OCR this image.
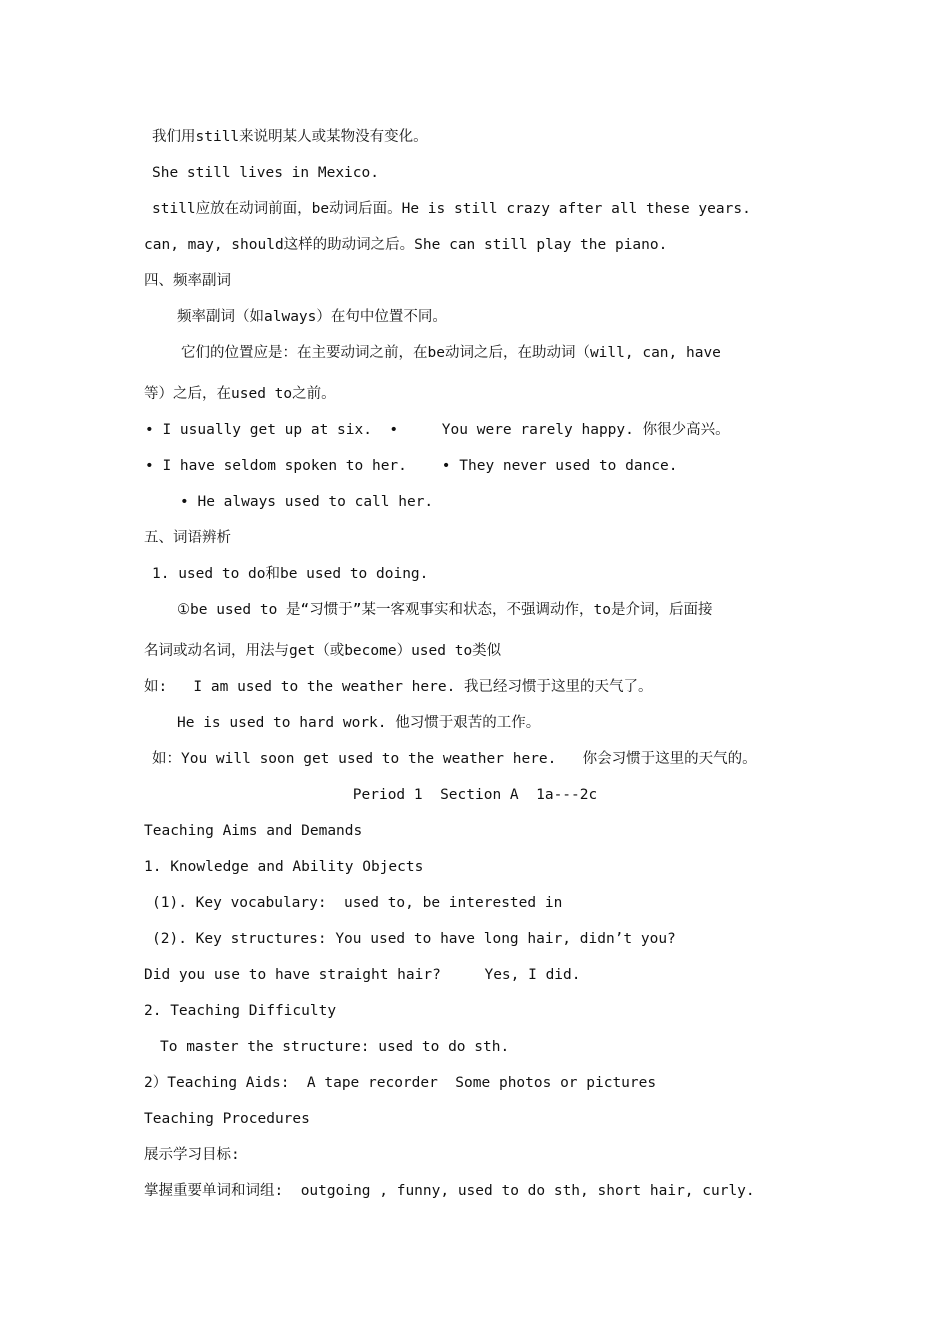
我们用still来说明某人或某物没有变化。
She still lives in Mexico.
still应放在动词前面，be动词后面。He is still crazy after all these years.
can, may, should这样的助动词之后。She can still play the piano.
四、频率副词
频率副词（如always）在句中位置不同。
它们的位置应是：在主要动词之前，在be动词之后，在助动词（will, can, have
等）之后，在used to之前。
• I usually get up at six.  •     You were rarely happy. 你很少高兴。
• I have seldom spoken to her.    • They never used to dance.
• He always used to call her.
五、词语辨析
1. used to do和be used to doing.
①be used to 是“习惯于”某一客观事实和状态，不强调动作，to是介词，后面接
名词或动名词，用法与get（或become）used to类似
如:   I am used to the weather here. 我已经习惯于这里的天气了。
He is used to hard work. 他习惯于艰苦的工作。
如：You will soon get used to the weather here.   你会习惯于这里的天气的。
Period 1  Section A  1a---2c
Teaching Aims and Demands
1. Knowledge and Ability Objects
(1). Key vocabulary:  used to, be interested in
(2). Key structures: You used to have long hair, didn’t you?
Did you use to have straight hair?     Yes, I did.
2. Teaching Difficulty
To master the structure: used to do sth.
2）Teaching Aids:  A tape recorder  Some photos or pictures
Teaching Procedures
展示学习目标:
掌握重要单词和词组:  outgoing , funny, used to do sth, short hair, curly.
